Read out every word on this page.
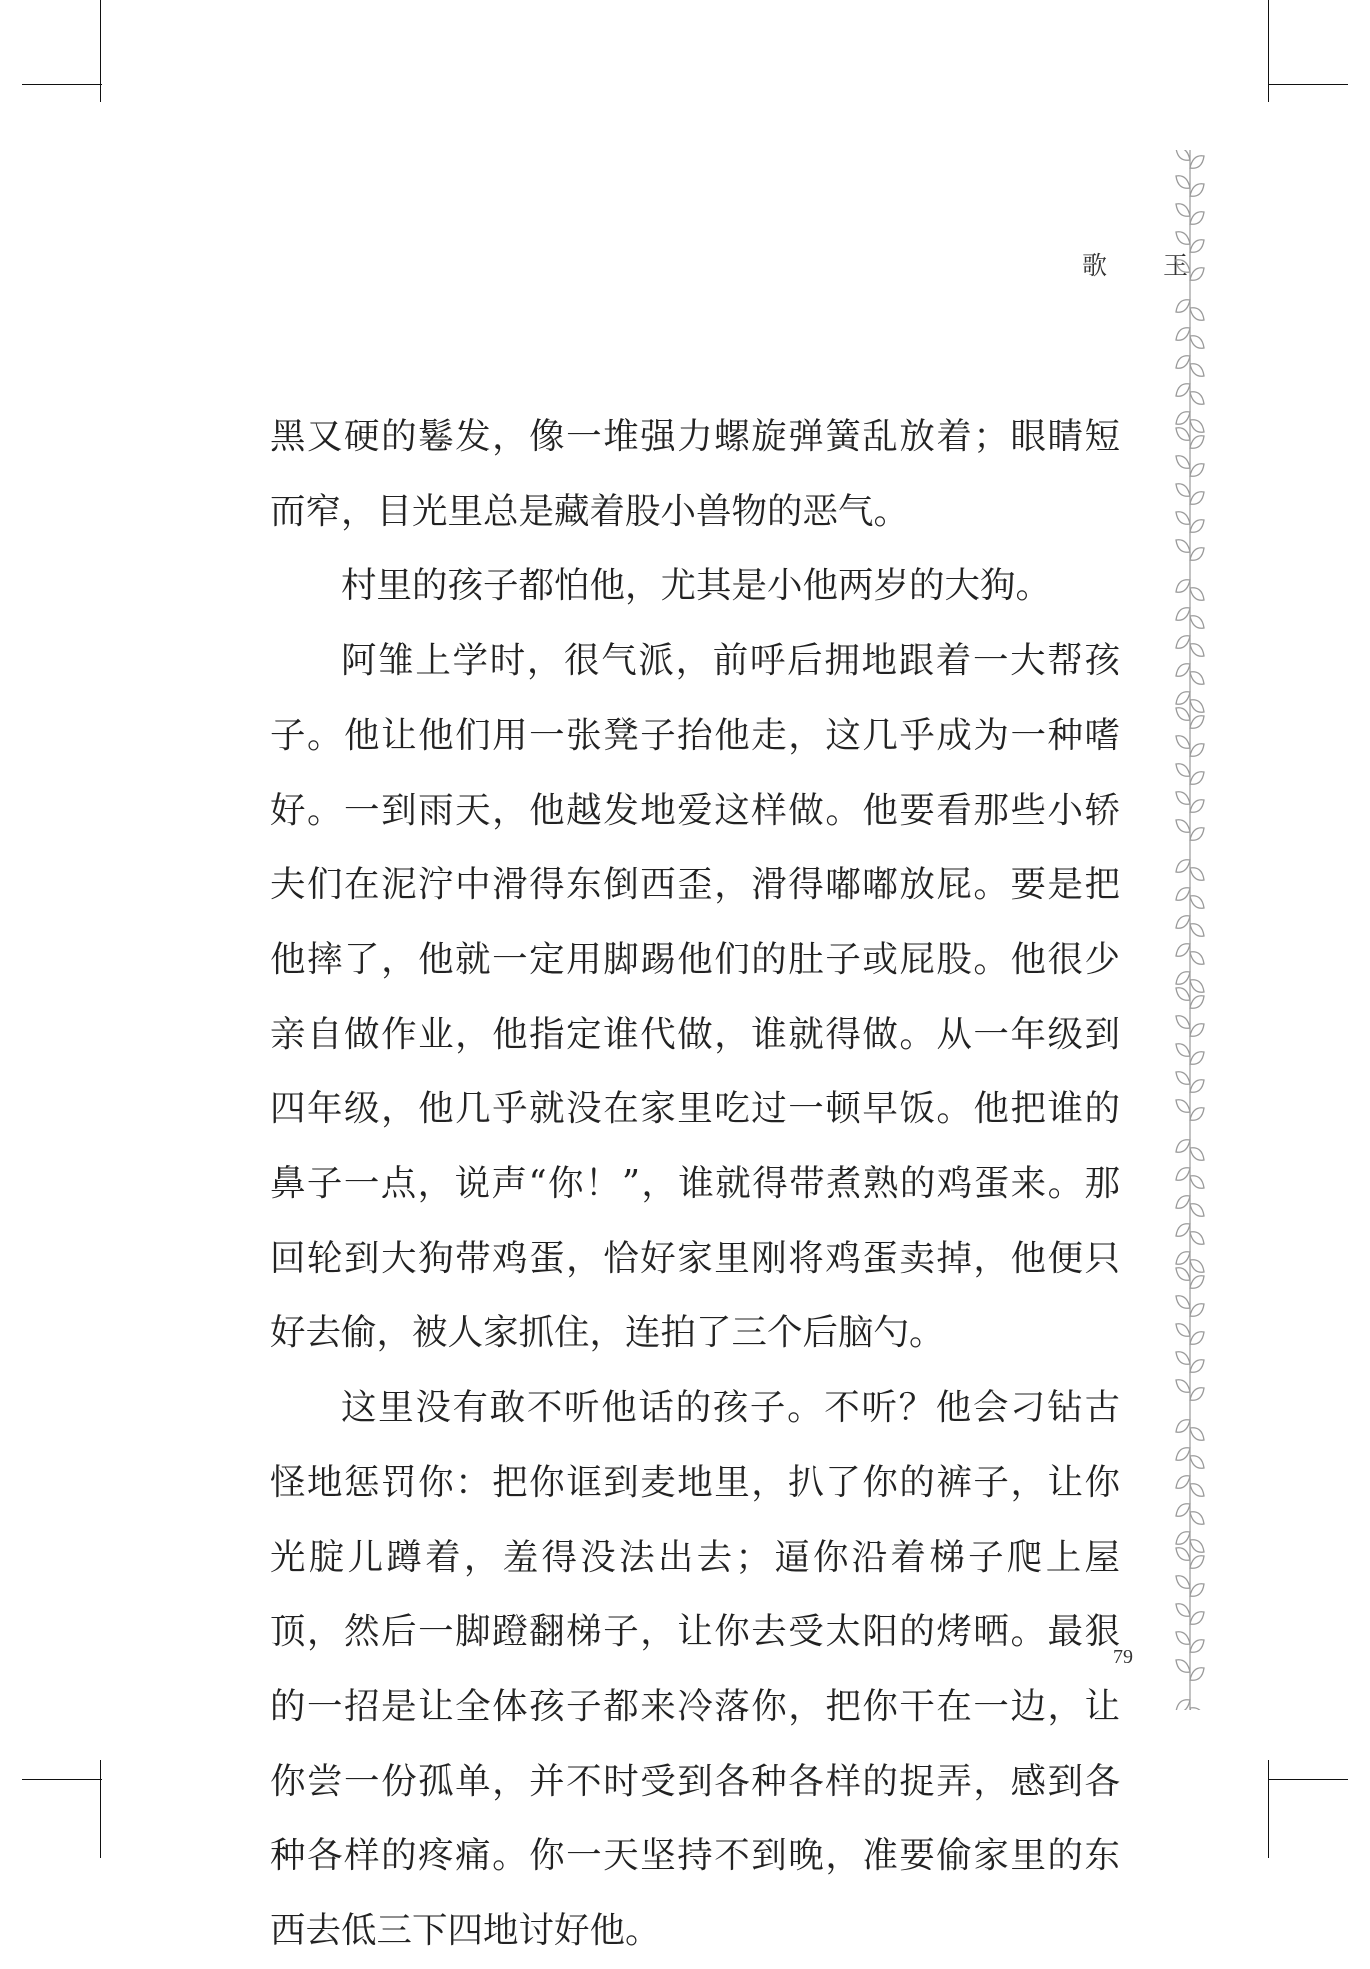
歌 王

黑又硬的鬈发，像一堆强力螺旋弹簧乱放着；眼睛短而窄，目光里总是藏着股小兽物的恶气。

村里的孩子都怕他，尤其是小他两岁的大狗。

阿雏上学时，很气派，前呼后拥地跟着一大帮孩子。他让他们用一张凳子抬他走，这几乎成为一种嗜好。一到雨天，他越发地爱这样做。他要看那些小轿夫们在泥泞中滑得东倒西歪，滑得嘟嘟放屁。要是把他摔了，他就一定用脚踢他们的肚子或屁股。他很少亲自做作业，他指定谁代做，谁就得做。从一年级到四年级，他几乎就没在家里吃过一顿早饭。他把谁的鼻子一点，说声“你！”，谁就得带煮熟的鸡蛋来。那回轮到大狗带鸡蛋，恰好家里刚将鸡蛋卖掉，他便只好去偷，被人家抓住，连拍了三个后脑勺。

这里没有敢不听他话的孩子。不听？他会刁钻古怪地惩罚你：把你诓到麦地里，扒了你的裤子，让你光腚儿蹲着，羞得没法出去；逼你沿着梯子爬上屋顶，然后一脚蹬翻梯子，让你去受太阳的烤晒。最狠的一招是让全体孩子都来冷落你，把你干在一边，让你尝一份孤单，并不时受到各种各样的捉弄，感到各种各样的疼痛。你一天坚持不到晚，准要偷家里的东西去低三下四地讨好他。

79
